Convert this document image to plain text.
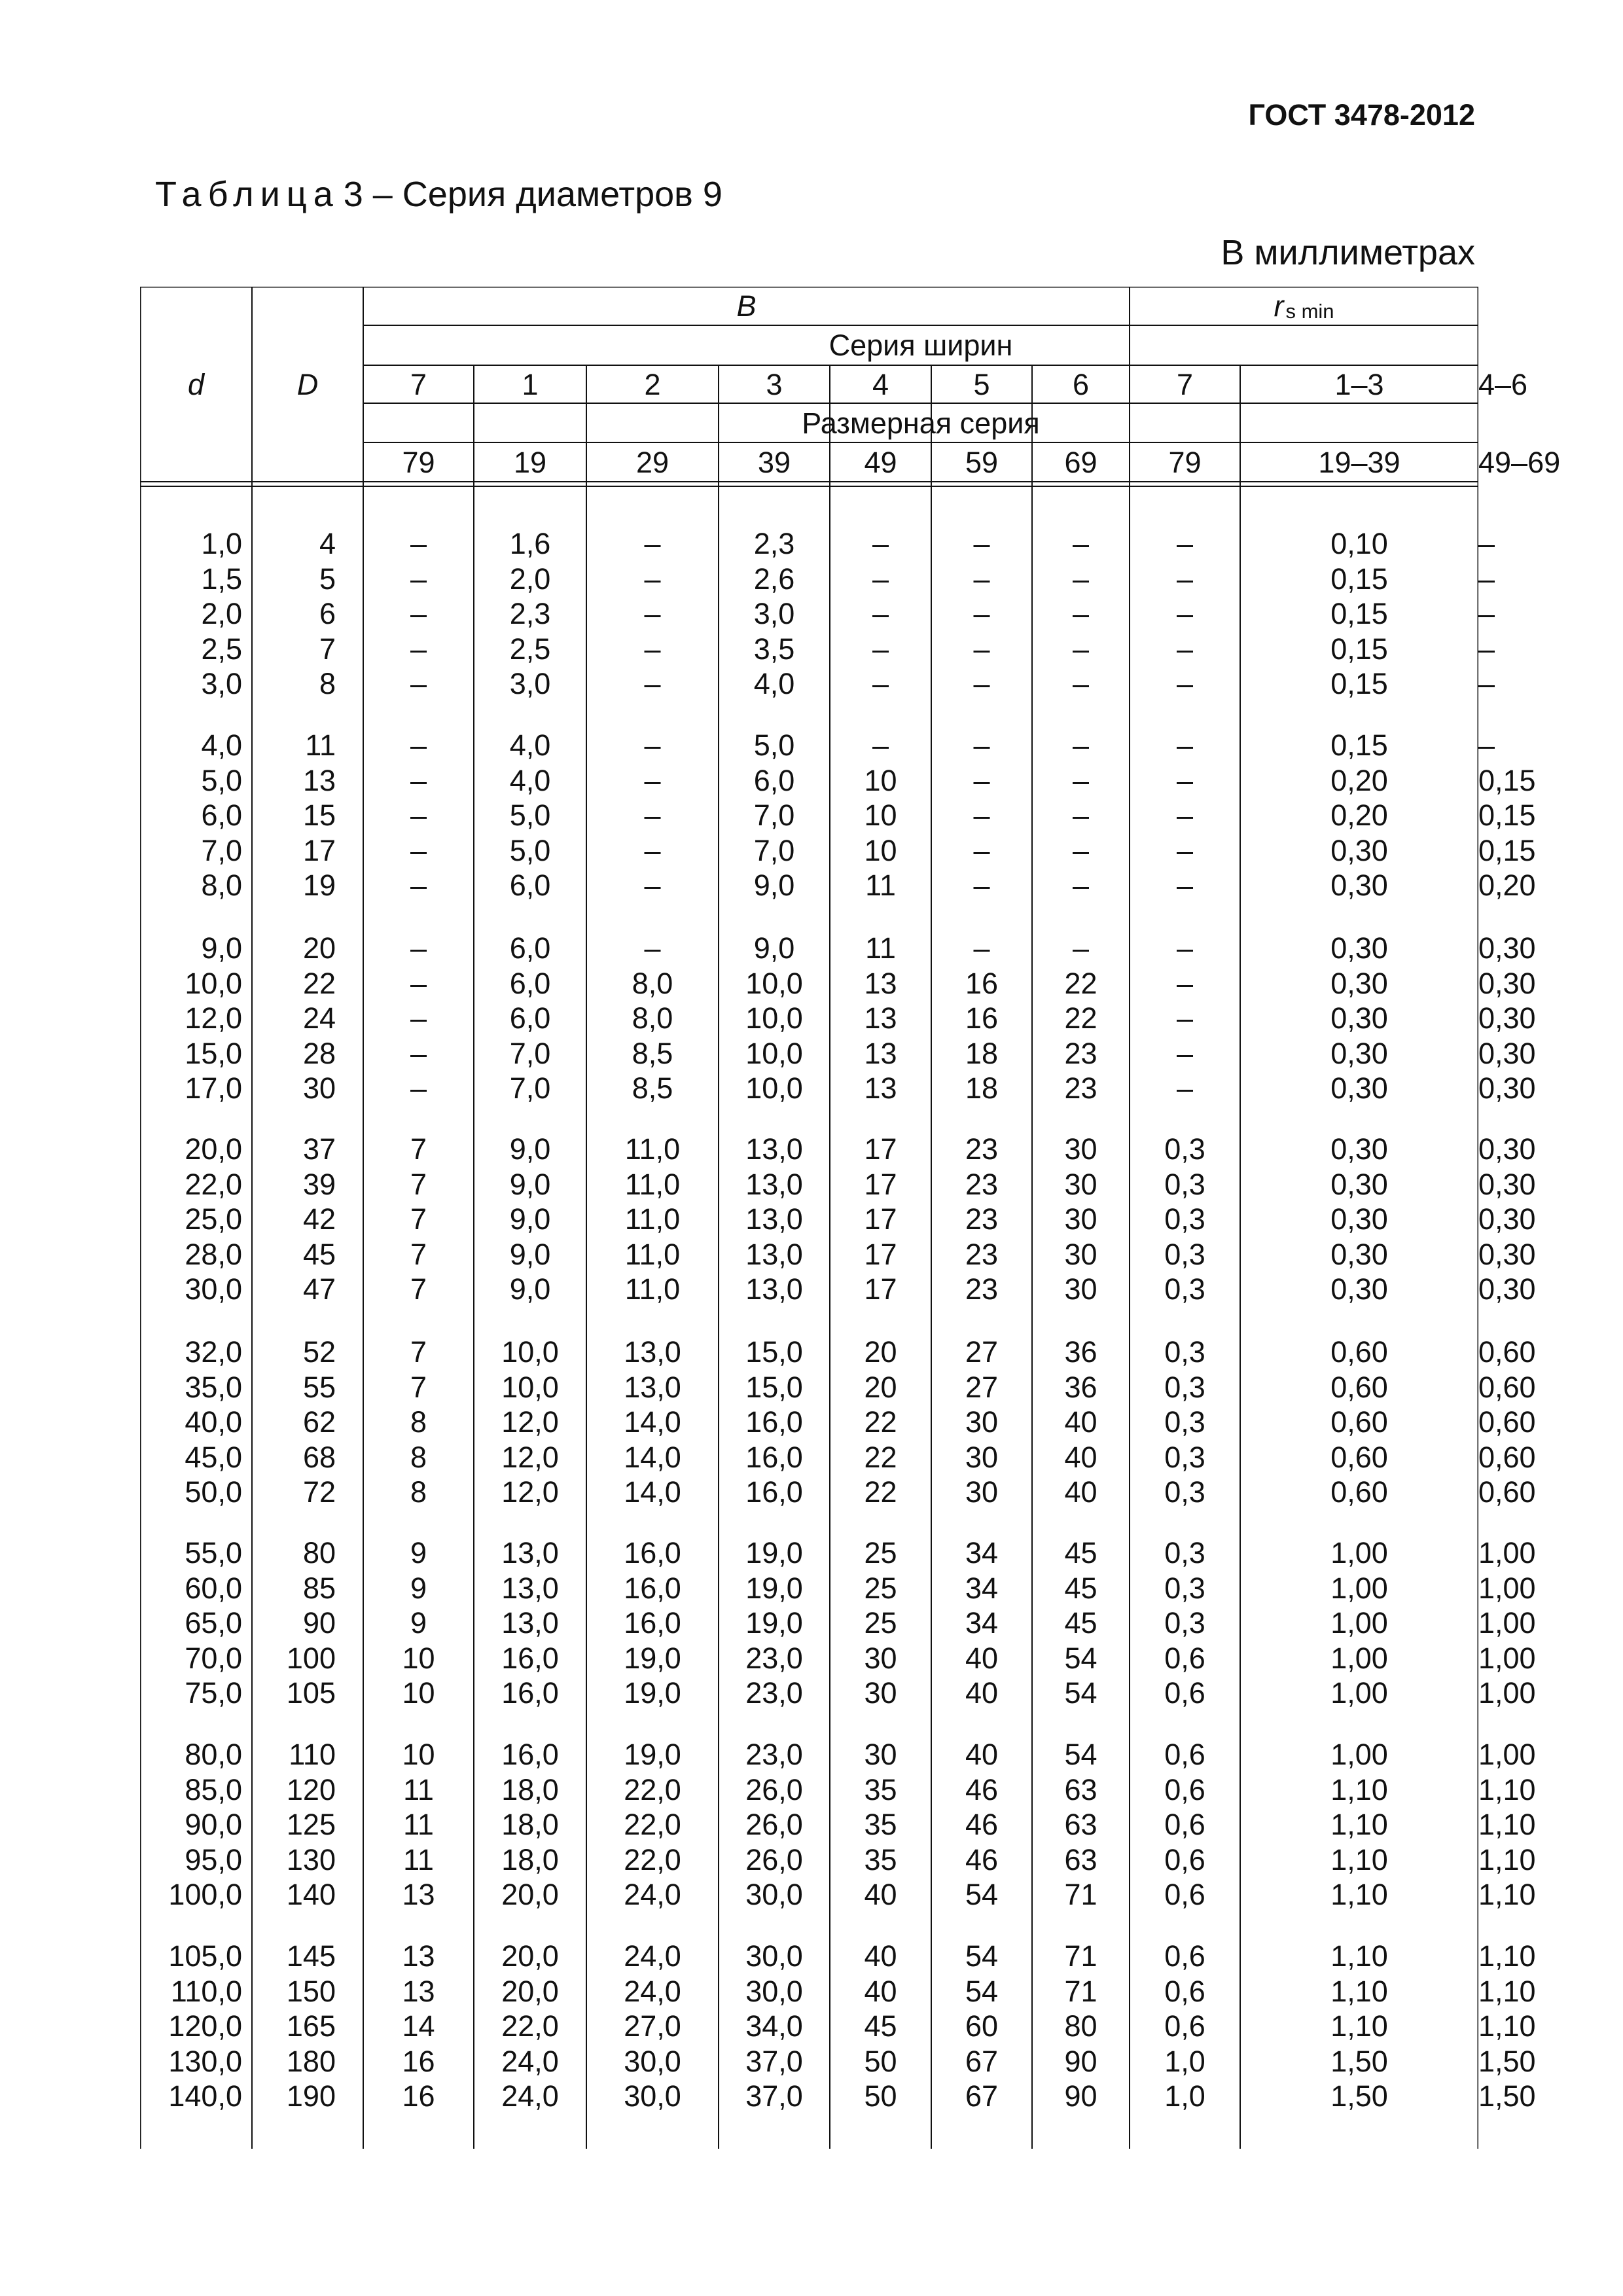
ГОСТ 3478-2012
Таблица 3 – Серия диаметров 9
В миллиметрах
d	D
B	r s min
Серия ширин
7	1	2	3	4	5	6	7	1–3	4–6
Размерная серия
79	19	29	39	49	59	69	79	19–39	49–69
1,0	4	–	1,6	–	2,3	–	–	–	–	0,10	–
1,5	5	–	2,0	–	2,6	–	–	–	–	0,15	–
2,0	6	–	2,3	–	3,0	–	–	–	–	0,15	–
2,5	7	–	2,5	–	3,5	–	–	–	–	0,15	–
3,0	8	–	3,0	–	4,0	–	–	–	–	0,15	–
4,0 11	–	4,0	–	5,0	–	–	–	–	0,15	–
5,0 13	–	4,0	–	6,0	10	–	–	–	0,20	0,15
6,0 15	–	5,0	–	7,0	10	–	–	–	0,20	0,15
7,0 17	–	5,0	–	7,0	10	–	–	–	0,30	0,15
8,0 19	–	6,0	–	9,0	11	–	–	–	0,30	0,20
9,0 20	–	6,0	–	9,0	11	–	–	–	0,30	0,30
10,0 22	–	6,0	8,0	10,0	13	16	22	–	0,30	0,30
12,0 24	–	6,0	8,0	10,0	13	16	22	–	0,30	0,30
15,0 28	–	7,0	8,5	10,0	13	18	23	–	0,30	0,30
17,0 30	–	7,0	8,5	10,0	13	18	23	–	0,30	0,30
20,0 37	7	9,0	11,0	13,0	17	23	30	0,3	0,30	0,30
22,0 39	7	9,0	11,0	13,0	17	23	30	0,3	0,30	0,30
25,0 42	7	9,0	11,0	13,0	17	23	30	0,3	0,30	0,30
28,0 45	7	9,0	11,0	13,0	17	23	30	0,3	0,30	0,30
30,0 47	7	9,0	11,0	13,0	17	23	30	0,3	0,30	0,30
32,0 52	7	10,0	13,0	15,0	20	27	36	0,3	0,60	0,60
35,0 55	7	10,0	13,0	15,0	20	27	36	0,3	0,60	0,60
40,0 62	8	12,0	14,0	16,0	22	30	40	0,3	0,60	0,60
45,0 68	8	12,0	14,0	16,0	22	30	40	0,3	0,60	0,60
50,0 72	8	12,0	14,0	16,0	22	30	40	0,3	0,60	0,60
55,0 80	9	13,0	16,0	19,0	25	34	45	0,3	1,00	1,00
60,0 85	9	13,0	16,0	19,0	25	34	45	0,3	1,00	1,00
65,0 90	9	13,0	16,0	19,0	25	34	45	0,3	1,00	1,00
70,0 100	10	16,0	19,0	23,0	30	40	54	0,6	1,00	1,00
75,0 105	10	16,0	19,0	23,0	30	40	54	0,6	1,00	1,00
80,0 110	10	16,0	19,0	23,0	30	40	54	0,6	1,00	1,00
85,0 120	11	18,0	22,0	26,0	35	46	63	0,6	1,10	1,10
90,0 125	11	18,0	22,0	26,0	35	46	63	0,6	1,10	1,10
95,0 130	11	18,0	22,0	26,0	35	46	63	0,6	1,10	1,10
100,0 140	13	20,0	24,0	30,0	40	54	71	0,6	1,10	1,10
105,0 145	13	20,0	24,0	30,0	40	54	71	0,6	1,10	1,10
110,0 150	13	20,0	24,0	30,0	40	54	71	0,6	1,10	1,10
120,0 165	14	22,0	27,0	34,0	45	60	80	0,6	1,10	1,10
130,0 180	16	24,0	30,0	37,0	50	67	90	1,0	1,50	1,50
140,0 190	16	24,0	30,0	37,0	50	67	90	1,0	1,50	1,50
